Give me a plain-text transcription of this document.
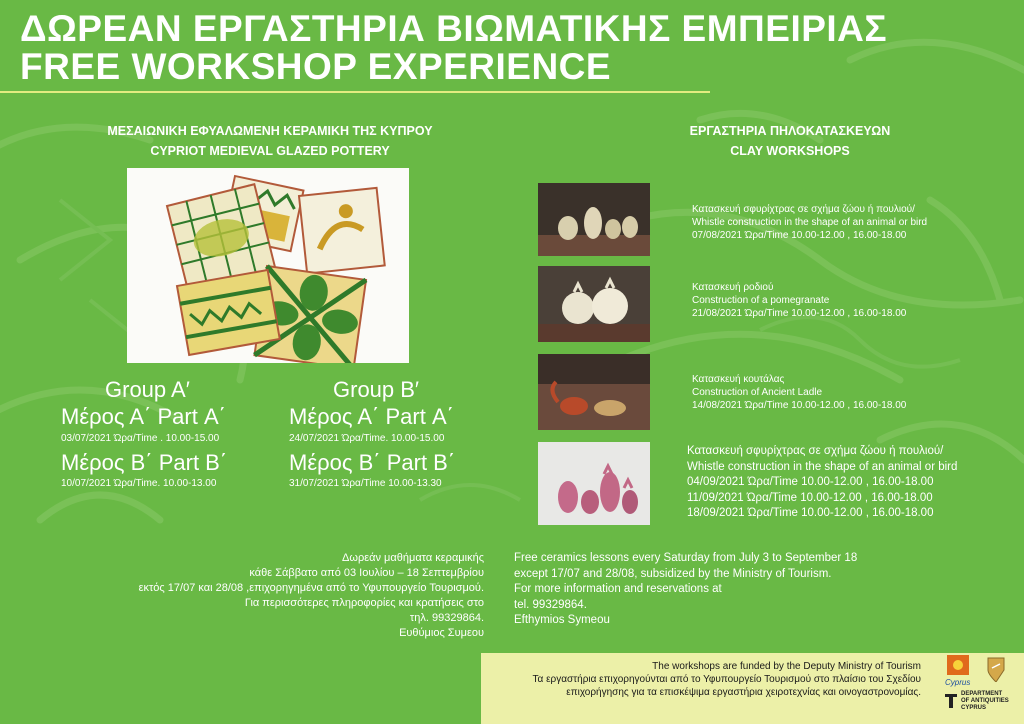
ΔΩΡΕΑΝ ΕΡΓΑΣΤΗΡΙΑ ΒΙΩΜΑΤΙΚΗΣ ΕΜΠΕΙΡΙΑΣ
FREE WORKSHOP EXPERIENCE
ΜΕΣΑΙΩΝΙΚΗ ΕΦΥΑΛΩΜΕΝΗ ΚΕΡΑΜΙΚΗ ΤΗΣ ΚΥΠΡΟΥ
CYPRIOT MEDIEVAL GLAZED POTTERY
Group A′
Μέρος Α΄ Part Α΄
03/07/2021 Ώρα/Time . 10.00-15.00
Μέρος Β΄ Part Β΄
10/07/2021 Ώρα/Time. 10.00-13.00
Group B′
Μέρος Α΄ Part Α΄
24/07/2021 Ώρα/Time. 10.00-15.00
Μέρος Β΄ Part Β΄
31/07/2021 Ώρα/Time 10.00-13.30
ΕΡΓΑΣΤΗΡΙΑ ΠΗΛΟΚΑΤΑΣΚΕΥΩΝ
CLAY WORKSHOPS
Κατασκευή σφυρίχτρας σε σχήμα ζώου ή πουλιού/
Whistle construction in the shape of an animal or bird
07/08/2021 Ώρα/Time 10.00-12.00 , 16.00-18.00
Κατασκευή ροδιού
Construction of a pomegranate
21/08/2021 Ώρα/Time 10.00-12.00 , 16.00-18.00
Κατασκευή κουτάλας
Construction of Ancient Ladle
14/08/2021 Ώρα/Time 10.00-12.00 , 16.00-18.00
Κατασκευή σφυρίχτρας σε σχήμα ζώου ή πουλιού/
Whistle construction in the shape of an animal or bird
04/09/2021 Ώρα/Time 10.00-12.00 , 16.00-18.00
11/09/2021 Ώρα/Time 10.00-12.00 , 16.00-18.00
18/09/2021 Ώρα/Time 10.00-12.00 , 16.00-18.00
Δωρεάν μαθήματα κεραμικής
κάθε Σάββατο από 03 Ιουλίου – 18 Σεπτεμβρίου
εκτός 17/07 και 28/08 ,επιχορηγημένα από το Υφυπουργείο Τουρισμού.
Για περισσότερες πληροφορίες και κρατήσεις στο
τηλ. 99329864.
Ευθύμιος Συμεου
Free ceramics lessons every Saturday from July 3 to September 18
except 17/07 and 28/08, subsidized by the Ministry of Tourism.
For more information and reservations at
tel. 99329864.
Efthymios Symeou
The workshops are funded by the Deputy Ministry of Tourism
Τα εργαστήρια επιχορηγούνται από το Υφυπουργείο Τουρισμού στο πλαίσιο του Σχεδίου
επιχορήγησης για τα επισκέψιμα εργαστήρια χειροτεχνίας και οινογαστρονομίας.
Cyprus
DEPARTMENT
OF ANTIQUITIES
CYPRUS
